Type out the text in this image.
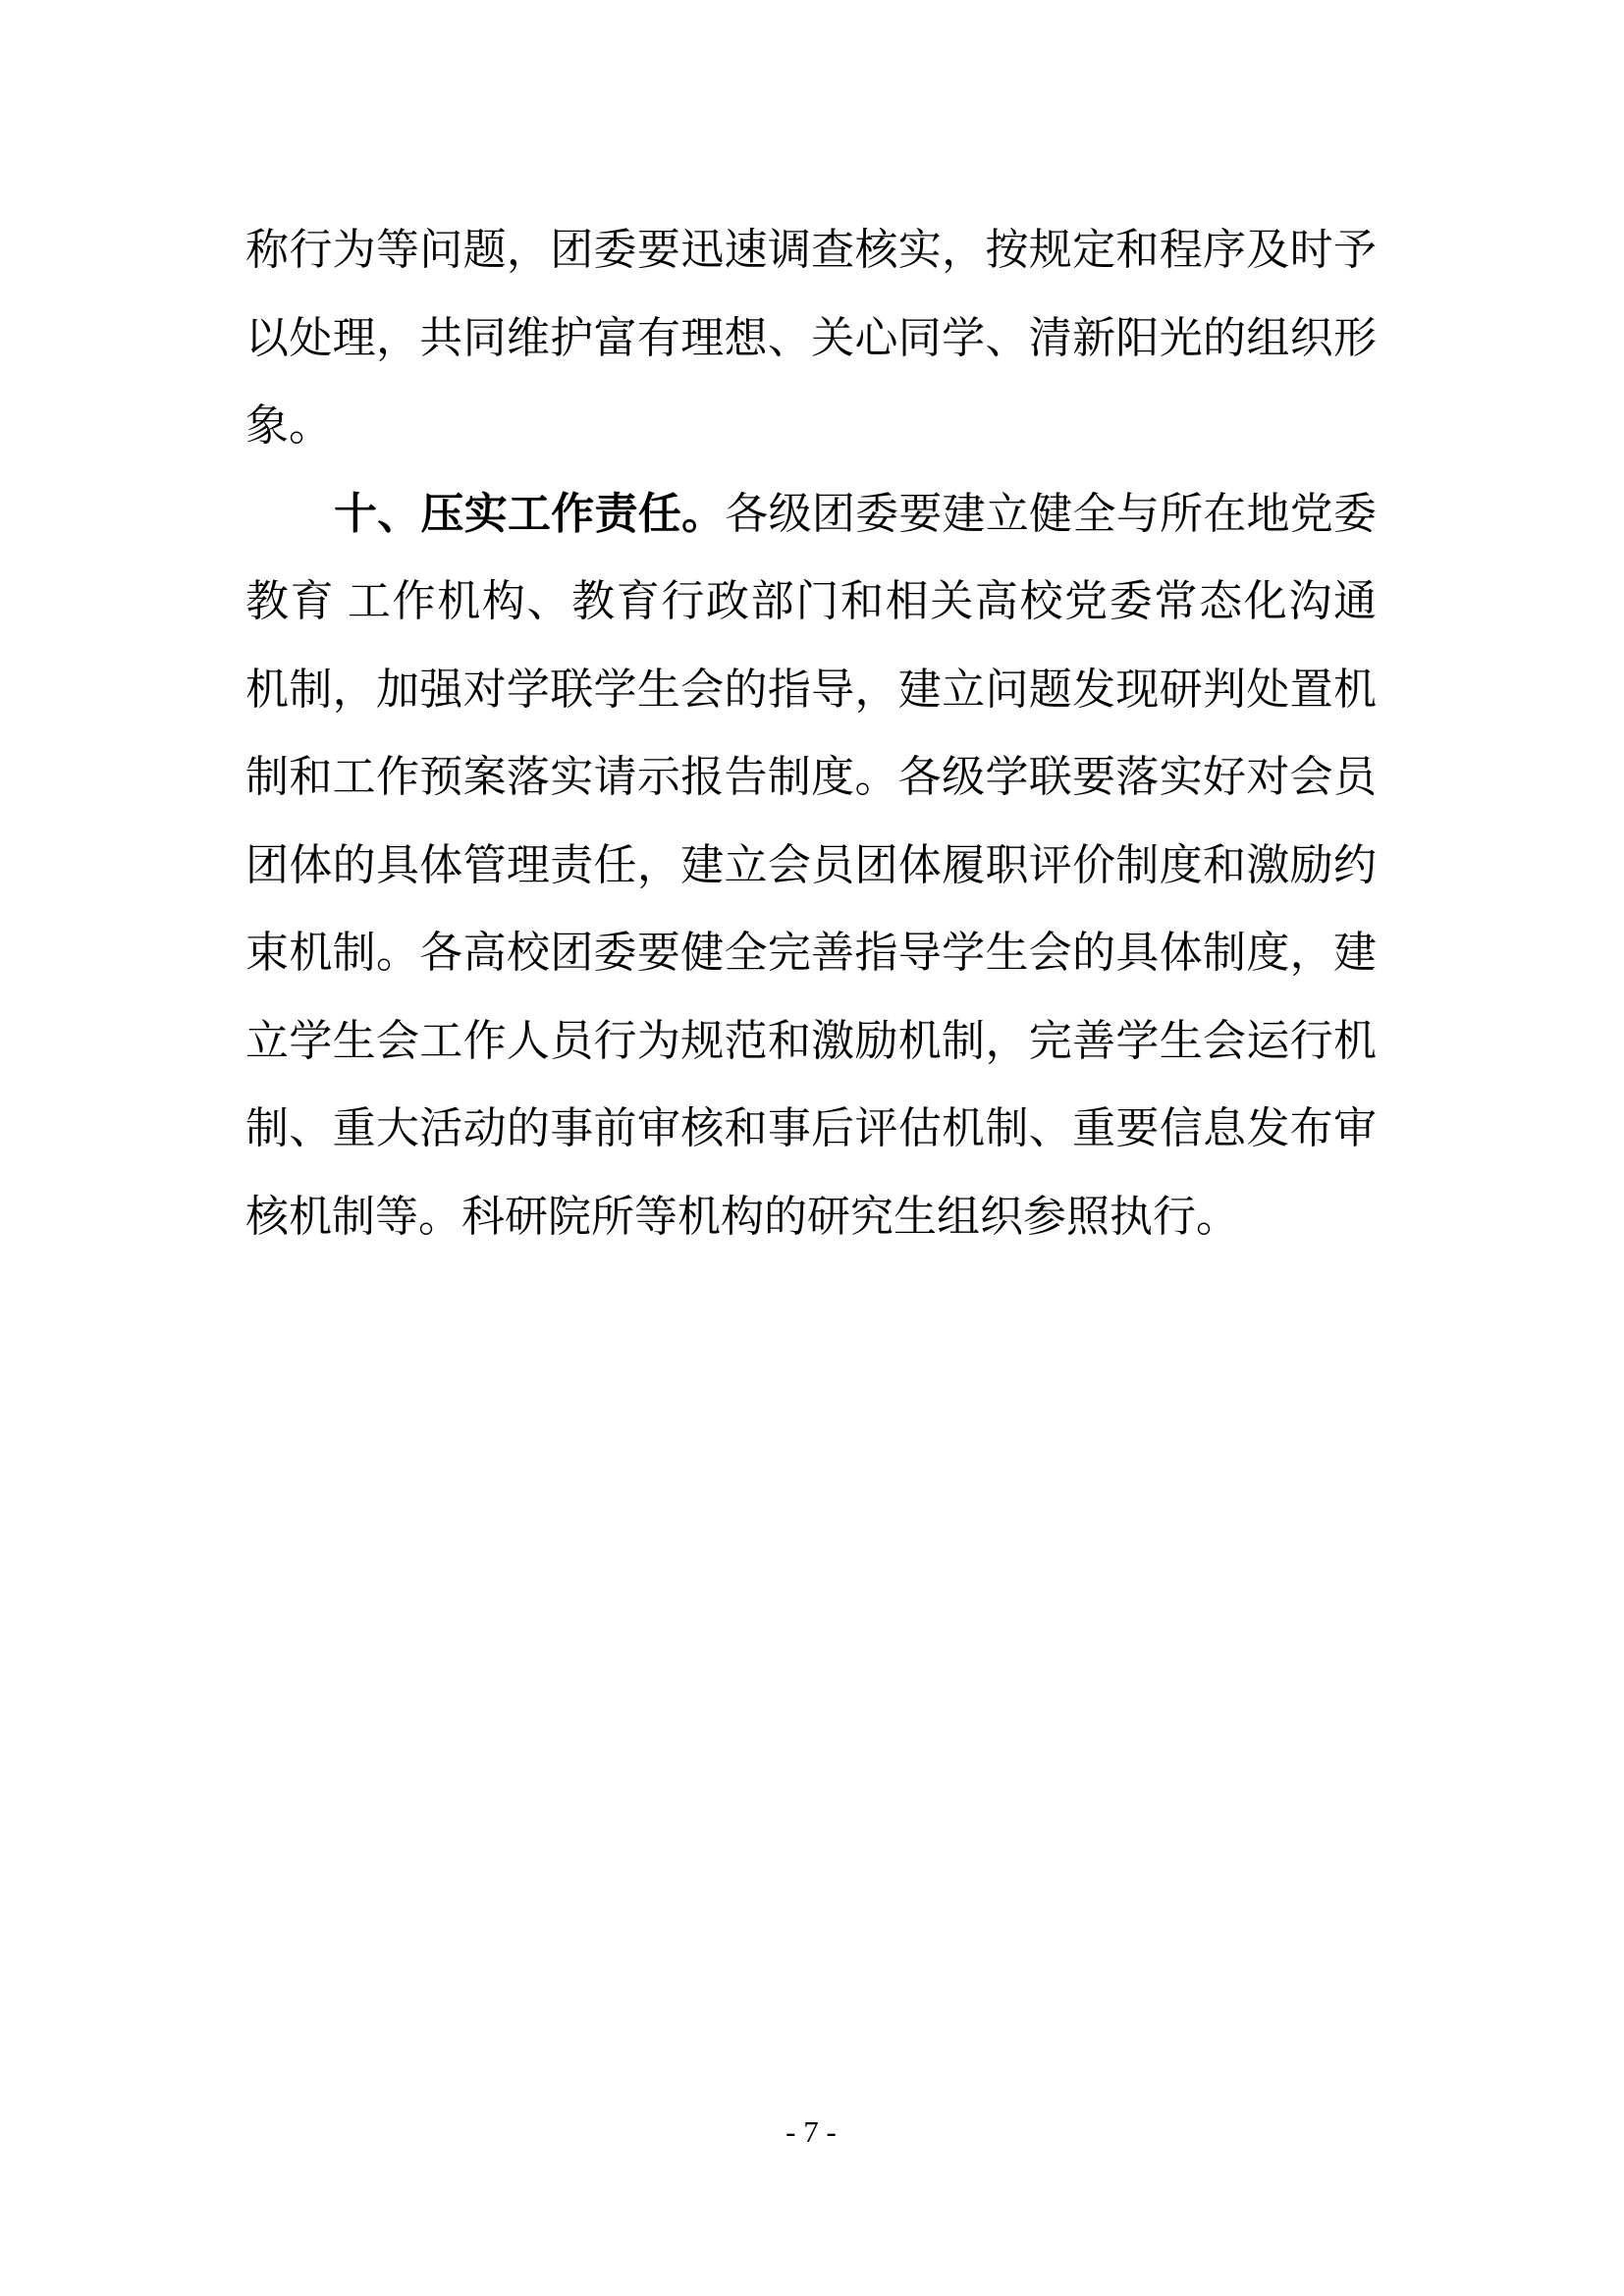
称行为等问题，团委要迅速调查核实，按规定和程序及时予
以处理，共同维护富有理想、关心同学、清新阳光的组织形
象。
十、压实工作责任。各级团委要建立健全与所在地党委
教育 工作机构、教育行政部门和相关高校党委常态化沟通
机制，加强对学联学生会的指导，建立问题发现研判处置机
制和工作预案落实请示报告制度。各级学联要落实好对会员
团体的具体管理责任，建立会员团体履职评价制度和激励约
束机制。各高校团委要健全完善指导学生会的具体制度，建
立学生会工作人员行为规范和激励机制，完善学生会运行机
制、重大活动的事前审核和事后评估机制、重要信息发布审
核机制等。科研院所等机构的研究生组织参照执行。
- 7 -
